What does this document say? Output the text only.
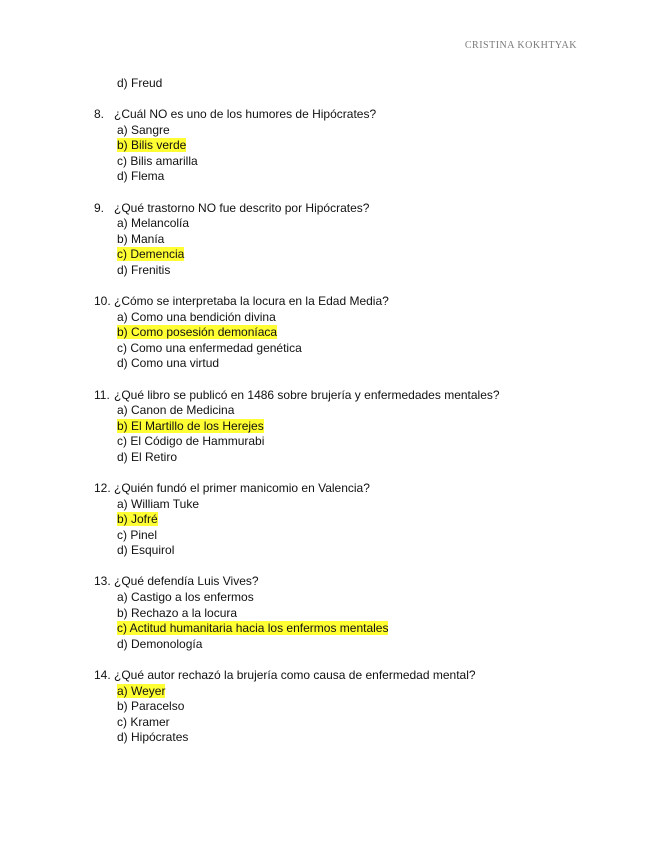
CRISTINA KOKHTYAK
d) Freud
8. ¿Cuál NO es uno de los humores de Hipócrates?
a) Sangre
b) Bilis verde
c) Bilis amarilla
d) Flema
9. ¿Qué trastorno NO fue descrito por Hipócrates?
a) Melancolía
b) Manía
c) Demencia
d) Frenitis
10. ¿Cómo se interpretaba la locura en la Edad Media?
a) Como una bendición divina
b) Como posesión demoníaca
c) Como una enfermedad genética
d) Como una virtud
11. ¿Qué libro se publicó en 1486 sobre brujería y enfermedades mentales?
a) Canon de Medicina
b) El Martillo de los Herejes
c) El Código de Hammurabi
d) El Retiro
12. ¿Quién fundó el primer manicomio en Valencia?
a) William Tuke
b) Jofré
c) Pinel
d) Esquirol
13. ¿Qué defendía Luis Vives?
a) Castigo a los enfermos
b) Rechazo a la locura
c) Actitud humanitaria hacia los enfermos mentales
d) Demonología
14. ¿Qué autor rechazó la brujería como causa de enfermedad mental?
a) Weyer
b) Paracelso
c) Kramer
d) Hipócrates
